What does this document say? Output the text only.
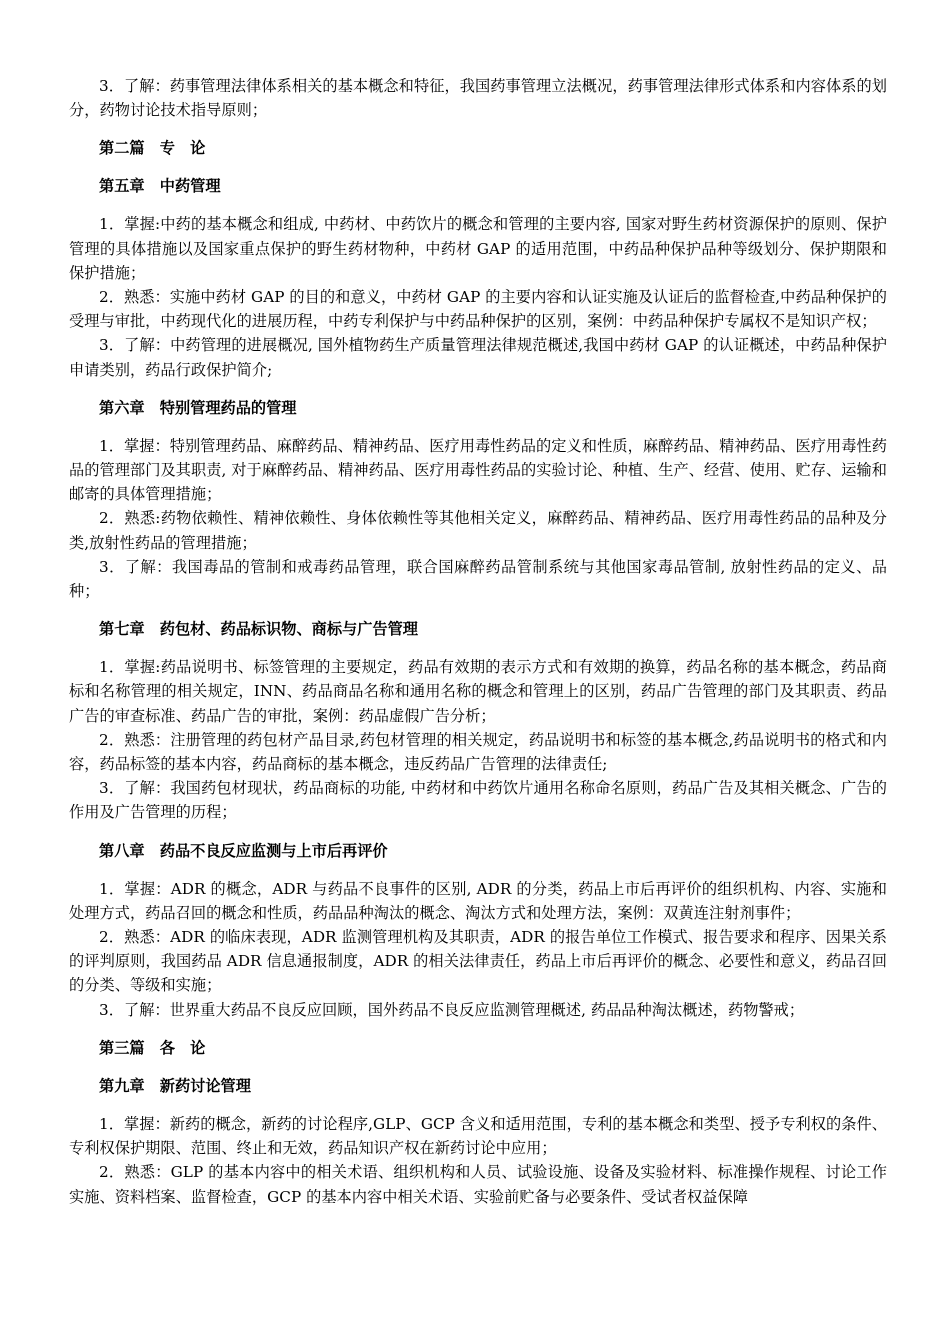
3．了解：药事管理法律体系相关的基本概念和特征，我国药事管理立法概况，药事管理法律形式体系和内容体系的划分，药物讨论技术指导原则；

第二篇　专　论

第五章　中药管理

1．掌握:中药的基本概念和组成, 中药材、中药饮片的概念和管理的主要内容, 国家对野生药材资源保护的原则、保护管理的具体措施以及国家重点保护的野生药材物种，中药材 GAP 的适用范围，中药品种保护品种等级划分、保护期限和保护措施；

2．熟悉：实施中药材 GAP 的目的和意义，中药材 GAP 的主要内容和认证实施及认证后的监督检查,中药品种保护的受理与审批，中药现代化的进展历程，中药专利保护与中药品种保护的区别，案例：中药品种保护专属权不是知识产权；

3．了解：中药管理的进展概况, 国外植物药生产质量管理法律规范概述,我国中药材 GAP 的认证概述，中药品种保护申请类别，药品行政保护简介;

第六章　特别管理药品的管理

1．掌握：特别管理药品、麻醉药品、精神药品、医疗用毒性药品的定义和性质，麻醉药品、精神药品、医疗用毒性药品的管理部门及其职责, 对于麻醉药品、精神药品、医疗用毒性药品的实验讨论、种植、生产、经营、使用、贮存、运输和邮寄的具体管理措施；

2．熟悉:药物依赖性、精神依赖性、身体依赖性等其他相关定义，麻醉药品、精神药品、医疗用毒性药品的品种及分类,放射性药品的管理措施；

3．了解：我国毒品的管制和戒毒药品管理，联合国麻醉药品管制系统与其他国家毒品管制, 放射性药品的定义、品种；

第七章　药包材、药品标识物、商标与广告管理

1．掌握:药品说明书、标签管理的主要规定，药品有效期的表示方式和有效期的换算，药品名称的基本概念，药品商标和名称管理的相关规定，INN、药品商品名称和通用名称的概念和管理上的区别，药品广告管理的部门及其职责、药品广告的审查标准、药品广告的审批，案例：药品虚假广告分析；

2．熟悉：注册管理的药包材产品目录,药包材管理的相关规定，药品说明书和标签的基本概念,药品说明书的格式和内容，药品标签的基本内容，药品商标的基本概念，违反药品广告管理的法律责任;

3．了解：我国药包材现状，药品商标的功能, 中药材和中药饮片通用名称命名原则，药品广告及其相关概念、广告的作用及广告管理的历程；

第八章　药品不良反应监测与上市后再评价

1．掌握：ADR 的概念，ADR 与药品不良事件的区别, ADR 的分类，药品上市后再评价的组织机构、内容、实施和处理方式，药品召回的概念和性质，药品品种淘汰的概念、淘汰方式和处理方法，案例：双黄连注射剂事件；

2．熟悉：ADR 的临床表现，ADR 监测管理机构及其职责，ADR 的报告单位工作模式、报告要求和程序、因果关系的评判原则，我国药品 ADR 信息通报制度，ADR 的相关法律责任，药品上市后再评价的概念、必要性和意义，药品召回的分类、等级和实施；

3．了解：世界重大药品不良反应回顾，国外药品不良反应监测管理概述, 药品品种淘汰概述，药物警戒；

第三篇　各　论

第九章　新药讨论管理

1．掌握：新药的概念，新药的讨论程序,GLP、GCP 含义和适用范围，专利的基本概念和类型、授予专利权的条件、专利权保护期限、范围、终止和无效，药品知识产权在新药讨论中应用；

2．熟悉：GLP 的基本内容中的相关术语、组织机构和人员、试验设施、设备及实验材料、标准操作规程、讨论工作实施、资料档案、监督检查，GCP 的基本内容中相关术语、实验前贮备与必要条件、受试者权益保障
